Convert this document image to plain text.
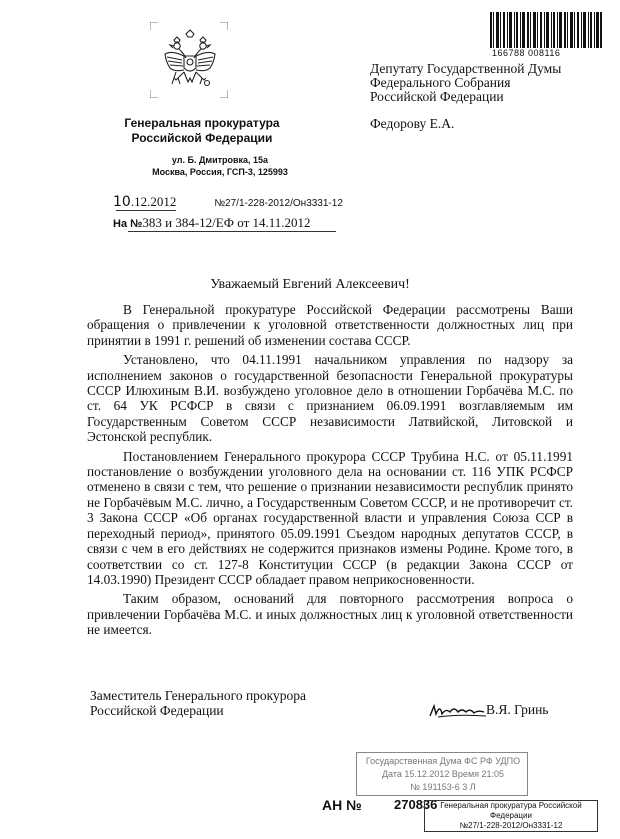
Генеральная прокуратура
Российской Федерации
ул. Б. Дмитровка, 15а
Москва, Россия, ГСП-3, 125993
10.12.2012	№27/1-228-2012/Он3331-12
На №383 и 384-12/ЕФ от 14.11.2012
166788 008116
Депутату Государственной Думы
Федерального Собрания
Российской Федерации
Федорову Е.А.
Уважаемый Евгений Алексеевич!

В Генеральной прокуратуре Российской Федерации рассмотрены Ваши обращения о привлечении к уголовной ответственности должностных лиц при принятии в 1991 г. решений об изменении состава СССР.

Установлено, что 04.11.1991 начальником управления по надзору за исполнением законов о государственной безопасности Генеральной прокуратуры СССР Илюхиным В.И. возбуждено уголовное дело в отношении Горбачёва М.С. по ст. 64 УК РСФСР в связи с признанием 06.09.1991 возглавляемым им Государственным Советом СССР независимости Латвийской, Литовской и Эстонской республик.

Постановлением Генерального прокурора СССР Трубина Н.С. от 05.11.1991 постановление о возбуждении уголовного дела на основании ст. 116 УПК РСФСР отменено в связи с тем, что решение о признании независимости республик принято не Горбачёвым М.С. лично, а Государственным Советом СССР, и не противоречит ст. 3 Закона СССР «Об органах государственной власти и управления Союза ССР в переходный период», принятого 05.09.1991 Съездом народных депутатов СССР, в связи с чем в его действиях не содержится признаков измены Родине. Кроме того, в соответствии со ст. 127-8 Конституции СССР (в редакции Закона СССР от 14.03.1990) Президент СССР обладает правом неприкосновенности.

Таким образом, оснований для повторного рассмотрения вопроса о привлечении Горбачёва М.С. и иных должностных лиц к уголовной ответственности не имеется.

Заместитель Генерального прокурора
Российской Федерации	В.Я. Гринь
Государственная Дума ФС РФ УДПО
Дата 15.12.2012 Время 21:05
№ 191153-6 3 Л
АН № 270836 Генеральная прокуратура Российской
Федерации
№27/1-228-2012/Он3331-12
